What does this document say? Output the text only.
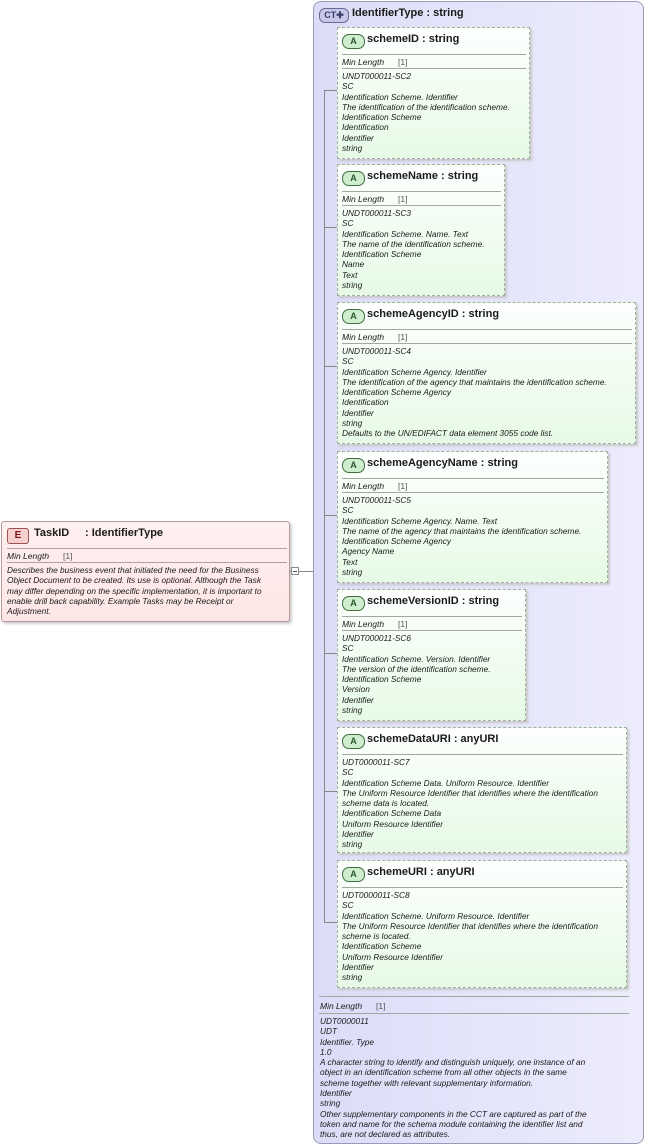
E	TaskID : IdentifierType
Min Length [1]
Describes the business event that initiated the need for the Business
Object Document to be created. Its use is optional. Although the Task
may differ depending on the specific implementation, it is important to
enable drill back capability. Example Tasks may be Receipt or
Adjustment.
CT✚ IdentifierType : string
A schemeID : string
Min Length [1]
UNDT000011-SC2
SC
Identification Scheme. Identifier
The identification of the identification scheme.
Identification Scheme
Identification
Identifier
string
A schemeName : string
Min Length [1]
UNDT000011-SC3
SC
Identification Scheme. Name. Text
The name of the identification scheme.
Identification Scheme
Name
Text
string
A schemeAgencyID : string
Min Length [1]
UNDT000011-SC4
SC
Identification Scheme Agency. Identifier
The identification of the agency that maintains the identification scheme.
Identification Scheme Agency
Identification
Identifier
string
Defaults to the UN/EDIFACT data element 3055 code list.
A schemeAgencyName : string
Min Length [1]
UNDT000011-SC5
SC
Identification Scheme Agency. Name. Text
The name of the agency that maintains the identification scheme.
Identification Scheme Agency
Agency Name
Text
string
A schemeVersionID : string
Min Length [1]
UNDT000011-SC6
SC
Identification Scheme. Version. Identifier
The version of the identification scheme.
Identification Scheme
Version
Identifier
string
A schemeDataURI : anyURI
UDT0000011-SC7
SC
Identification Scheme Data. Uniform Resource. Identifier
The Uniform Resource Identifier that identifies where the identification
scheme data is located.
Identification Scheme Data
Uniform Resource Identifier
Identifier
string
A schemeURI : anyURI
UDT0000011-SC8
SC
Identification Scheme. Uniform Resource. Identifier
The Uniform Resource Identifier that identifies where the identification
scheme is located.
Identification Scheme
Uniform Resource Identifier
Identifier
string
Min Length [1]
UDT0000011
UDT
Identifier. Type
1.0
A character string to identify and distinguish uniquely, one instance of an
object in an identification scheme from all other objects in the same
scheme together with relevant supplementary information.
Identifier
string
Other supplementary components in the CCT are captured as part of the
token and name for the schema module containing the identifier list and
thus, are not declared as attributes.
